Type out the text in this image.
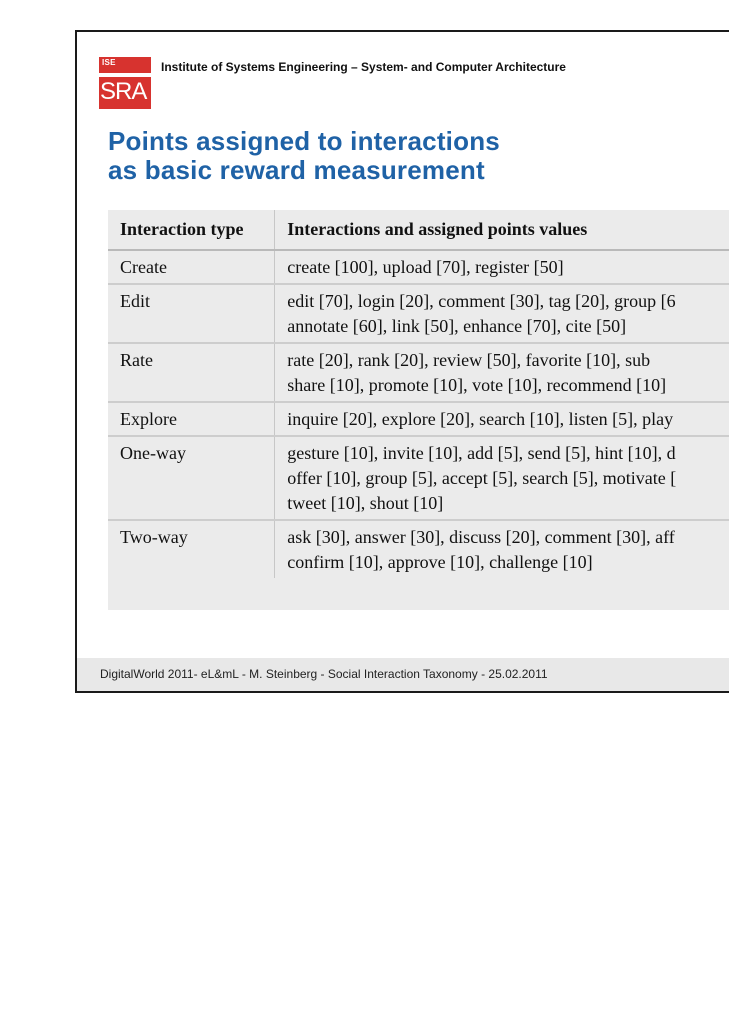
ISE
SRA
Institute of Systems Engineering – System- and Computer Architecture
Points assigned to interactions
as basic reward measurement
Interaction type	Interactions and assigned points values
Create	create [100], upload [70], register [50]

Edit	edit [70], login [20], comment [30], tag [20], group [6
annotate [60], link [50], enhance [70], cite [50]

Rate	rate [20], rank [20], review [50], favorite [10], sub
share [10], promote [10], vote [10], recommend [10]

Explore	inquire [20], explore [20], search [10], listen [5], play

One-way	gesture [10], invite [10], add [5], send [5], hint [10], d
offer [10], group [5], accept [5], search [5], motivate [
tweet [10], shout [10]

Two-way	ask [30], answer [30], discuss [20], comment [30], aff
confirm [10], approve [10], challenge [10]
DigitalWorld 2011- eL&mL - M. Steinberg - Social Interaction Taxonomy - 25.02.2011
